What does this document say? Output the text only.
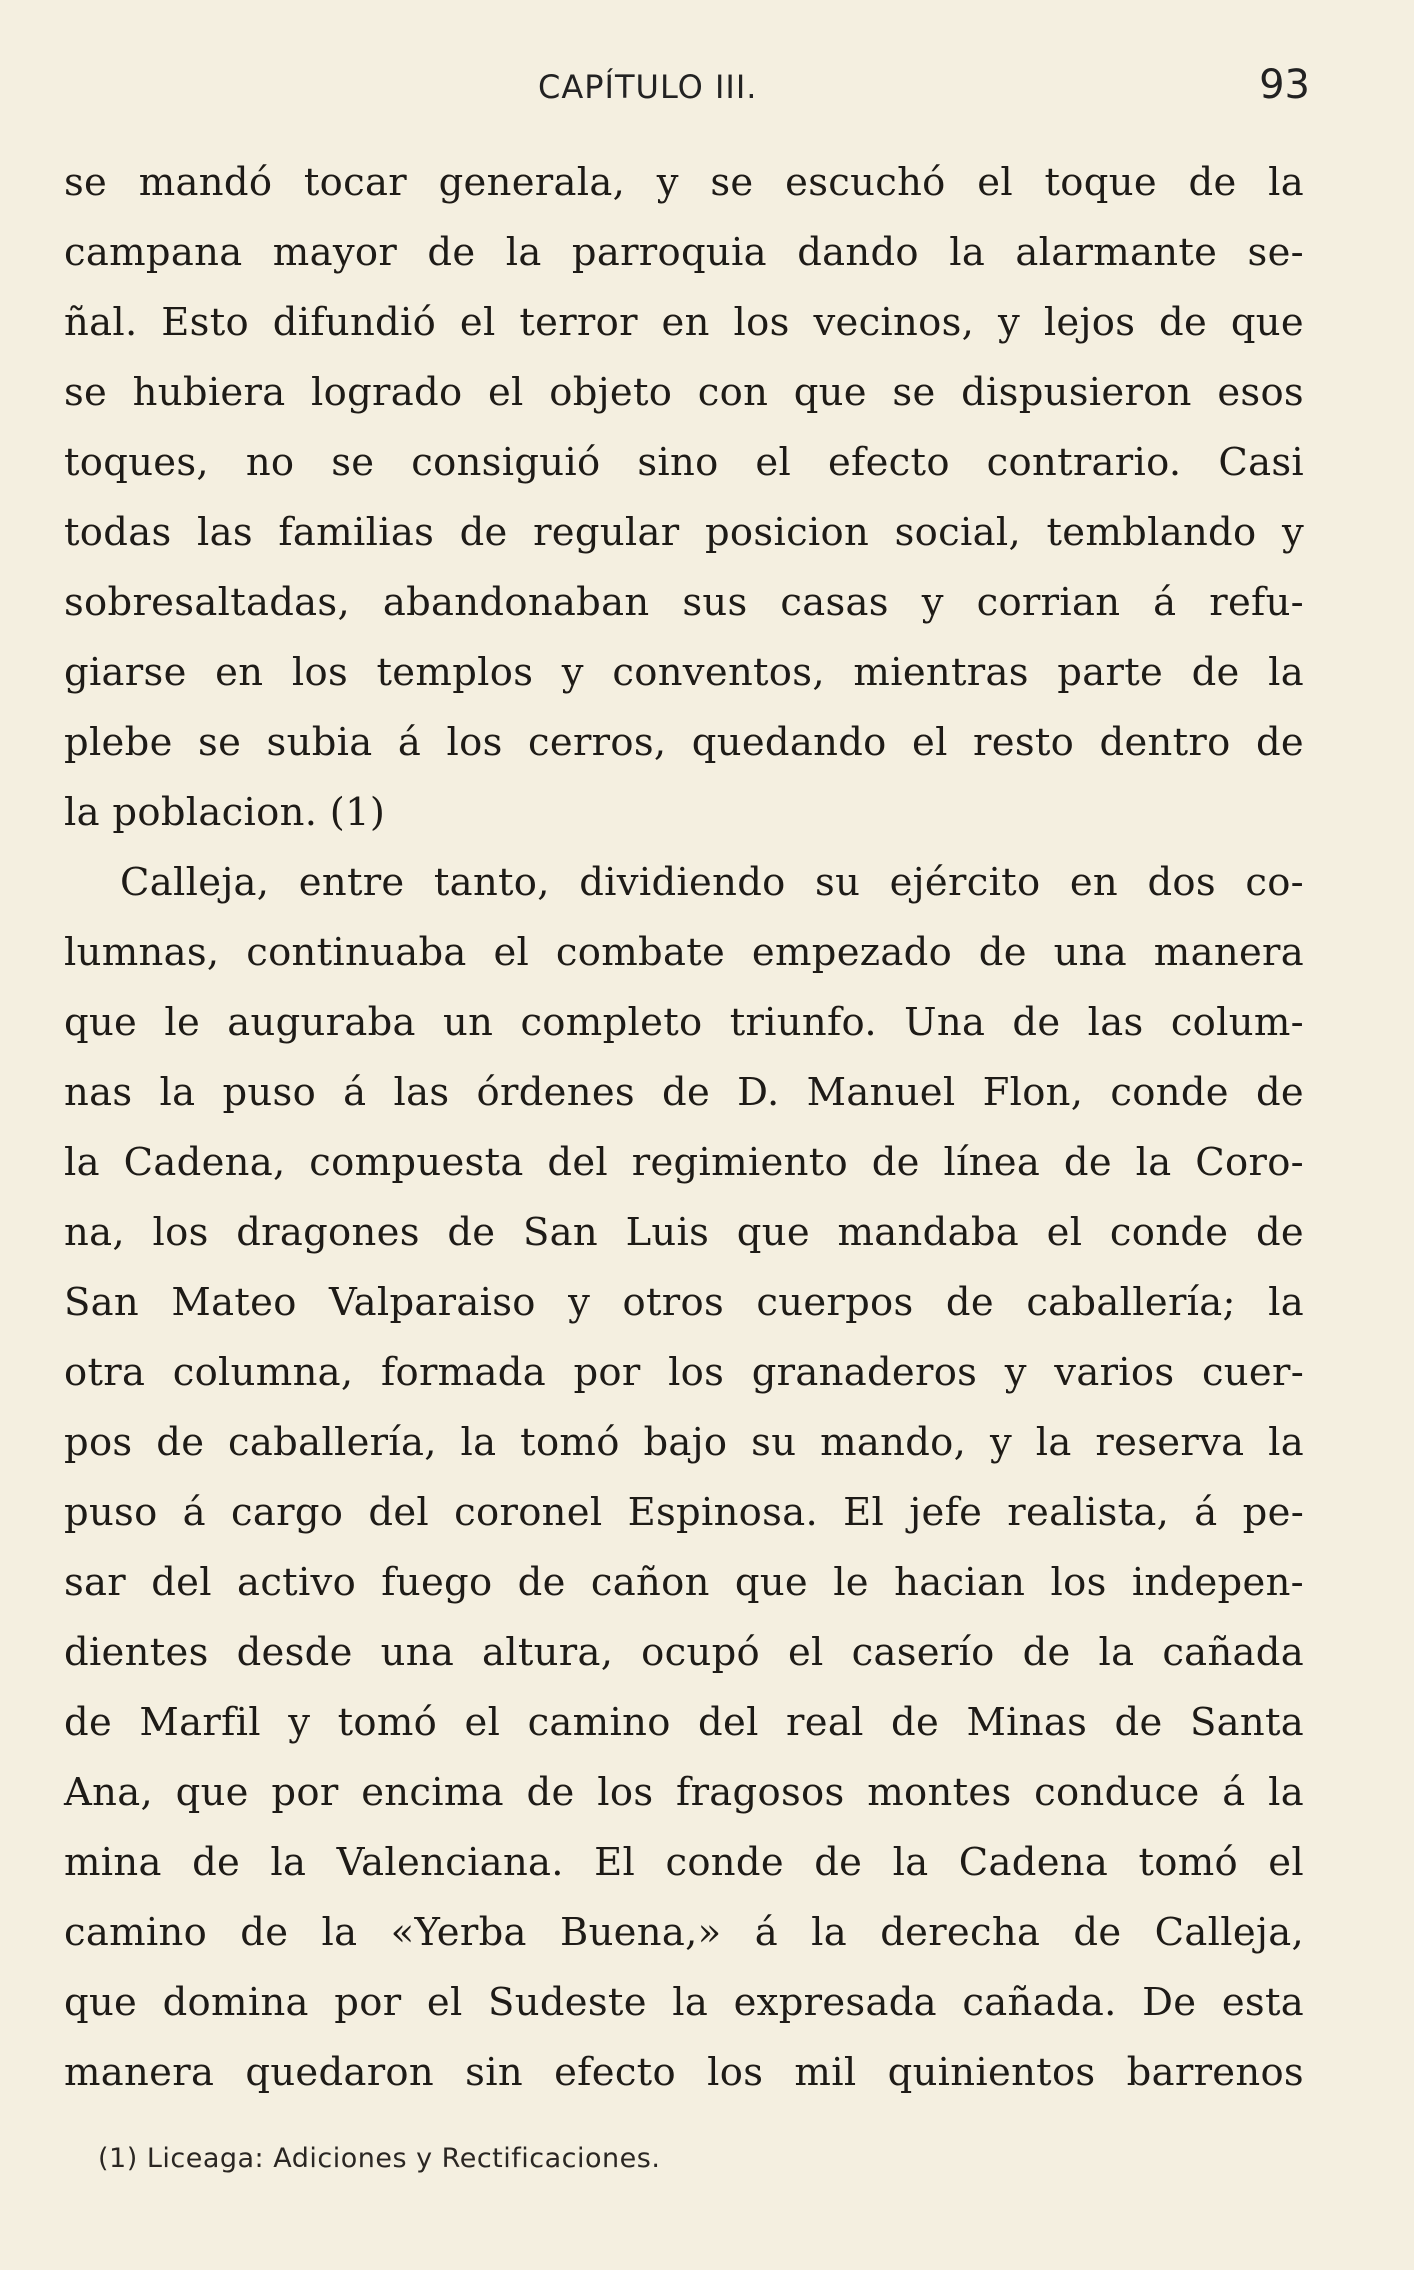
CAPÍTULO III.	93
se mandó tocar generala, y se escuchó el toque de la
campana mayor de la parroquia dando la alarmante se-
ñal. Esto difundió el terror en los vecinos, y lejos de que
se hubiera logrado el objeto con que se dispusieron esos
toques, no se consiguió sino el efecto contrario. Casi
todas las familias de regular posicion social, temblando y
sobresaltadas, abandonaban sus casas y corrian á refu-
giarse en los templos y conventos, mientras parte de la
plebe se subia á los cerros, quedando el resto dentro de
la poblacion. (1)
Calleja, entre tanto, dividiendo su ejército en dos co-
lumnas, continuaba el combate empezado de una manera
que le auguraba un completo triunfo. Una de las colum-
nas la puso á las órdenes de D. Manuel Flon, conde de
la Cadena, compuesta del regimiento de línea de la Coro-
na, los dragones de San Luis que mandaba el conde de
San Mateo Valparaiso y otros cuerpos de caballería; la
otra columna, formada por los granaderos y varios cuer-
pos de caballería, la tomó bajo su mando, y la reserva la
puso á cargo del coronel Espinosa. El jefe realista, á pe-
sar del activo fuego de cañon que le hacian los indepen-
dientes desde una altura, ocupó el caserío de la cañada
de Marfil y tomó el camino del real de Minas de Santa
Ana, que por encima de los fragosos montes conduce á la
mina de la Valenciana. El conde de la Cadena tomó el
camino de la «Yerba Buena,» á la derecha de Calleja,
que domina por el Sudeste la expresada cañada. De esta
manera quedaron sin efecto los mil quinientos barrenos
(1) Liceaga: Adiciones y Rectificaciones.
